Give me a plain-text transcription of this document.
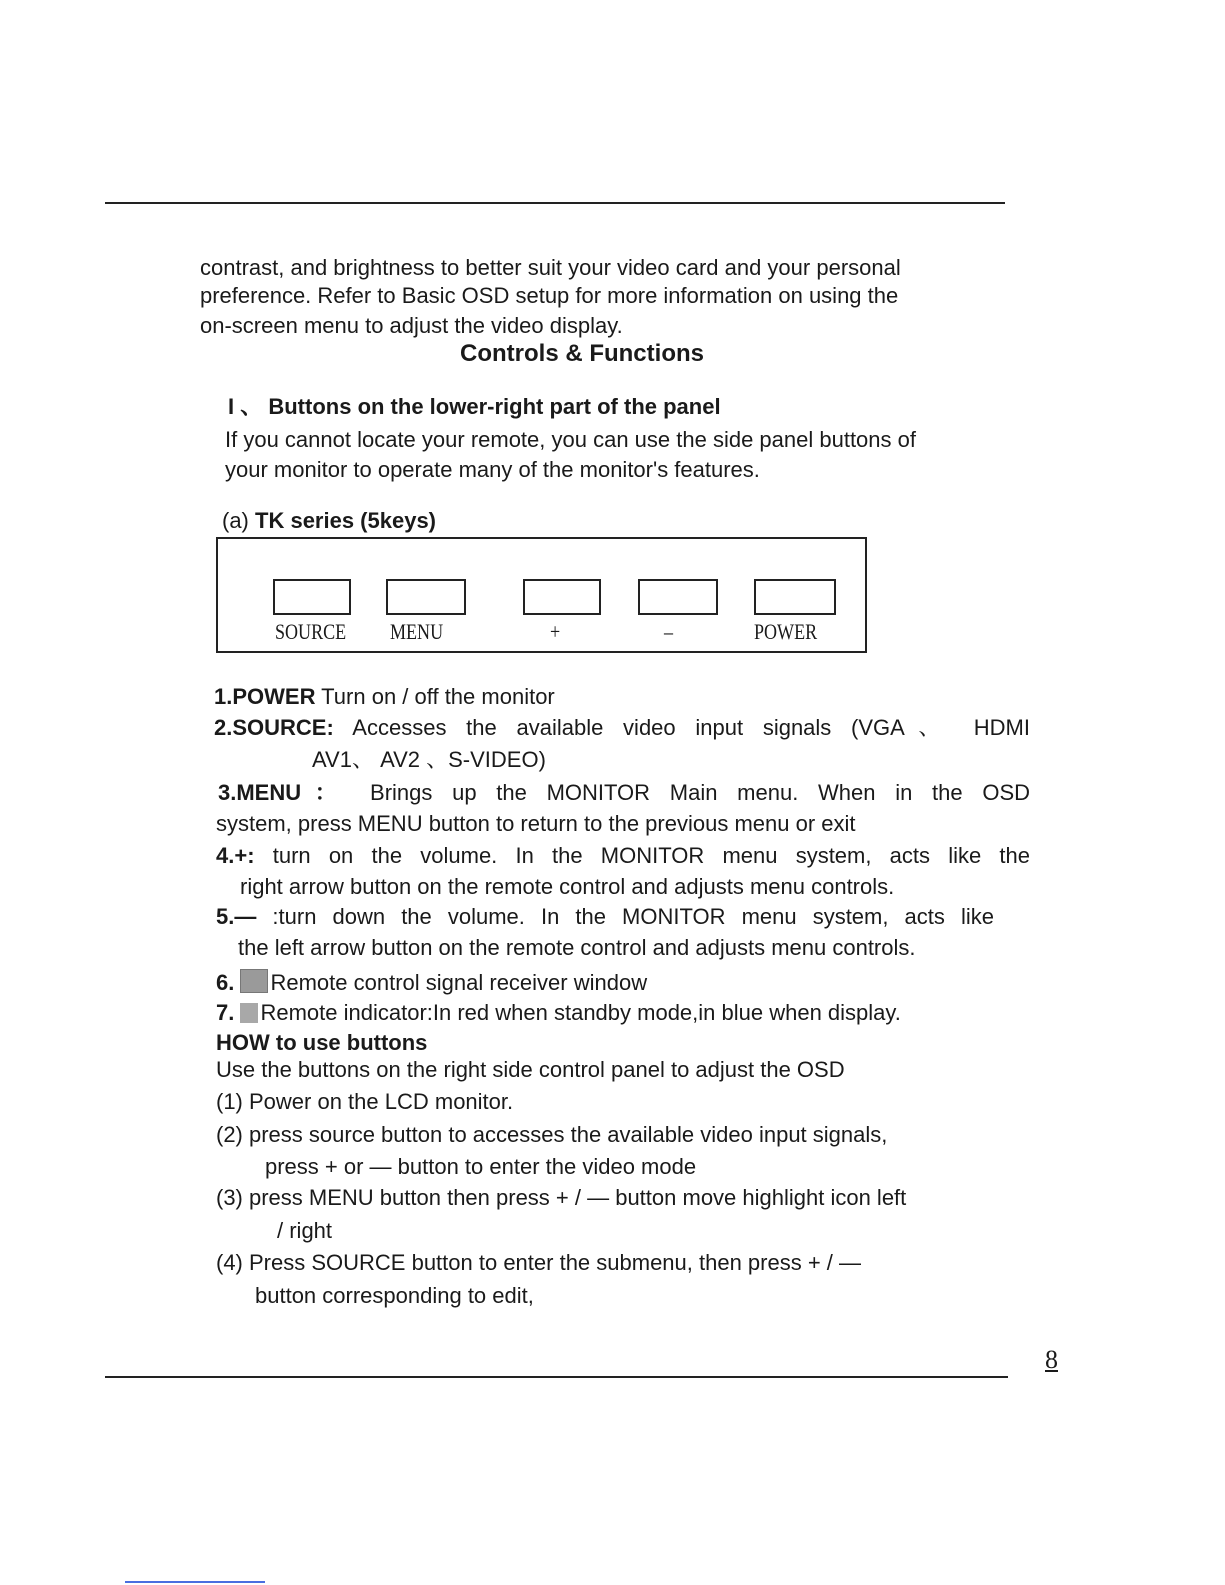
contrast, and brightness to better suit your video card and your personal
preference. Refer to Basic OSD setup for more information on using the
on-screen menu to adjust the video display.
Controls & Functions
I 、 Buttons on the lower-right part of the panel
If you cannot locate your remote, you can use the side panel buttons of
your monitor to operate many of the monitor's features.
(a) TK series (5keys)
SOURCE MENU	+	–	POWER
1.POWER Turn on / off the monitor
2.SOURCE: Accesses the available video input signals (VGA、 HDMI
AV1、 AV2 、S-VIDEO)
3.MENU： Brings up the MONITOR Main menu. When in the OSD
system, press MENU button to return to the previous menu or exit
4.+: turn on the volume. In the MONITOR menu system, acts like the
right arrow button on the remote control and adjusts menu controls.
5.— :turn down the volume. In the MONITOR menu system, acts like
the left arrow button on the remote control and adjusts menu controls.
6. Remote control signal receiver window
7. Remote indicator:In red when standby mode,in blue when display.
HOW to use buttons
Use the buttons on the right side control panel to adjust the OSD
(1) Power on the LCD monitor.
(2) press source button to accesses the available video input signals,
press + or — button to enter the video mode
(3) press MENU button then press + / — button move highlight icon left
/ right
(4) Press SOURCE button to enter the submenu, then press + / —
button corresponding to edit,
8
